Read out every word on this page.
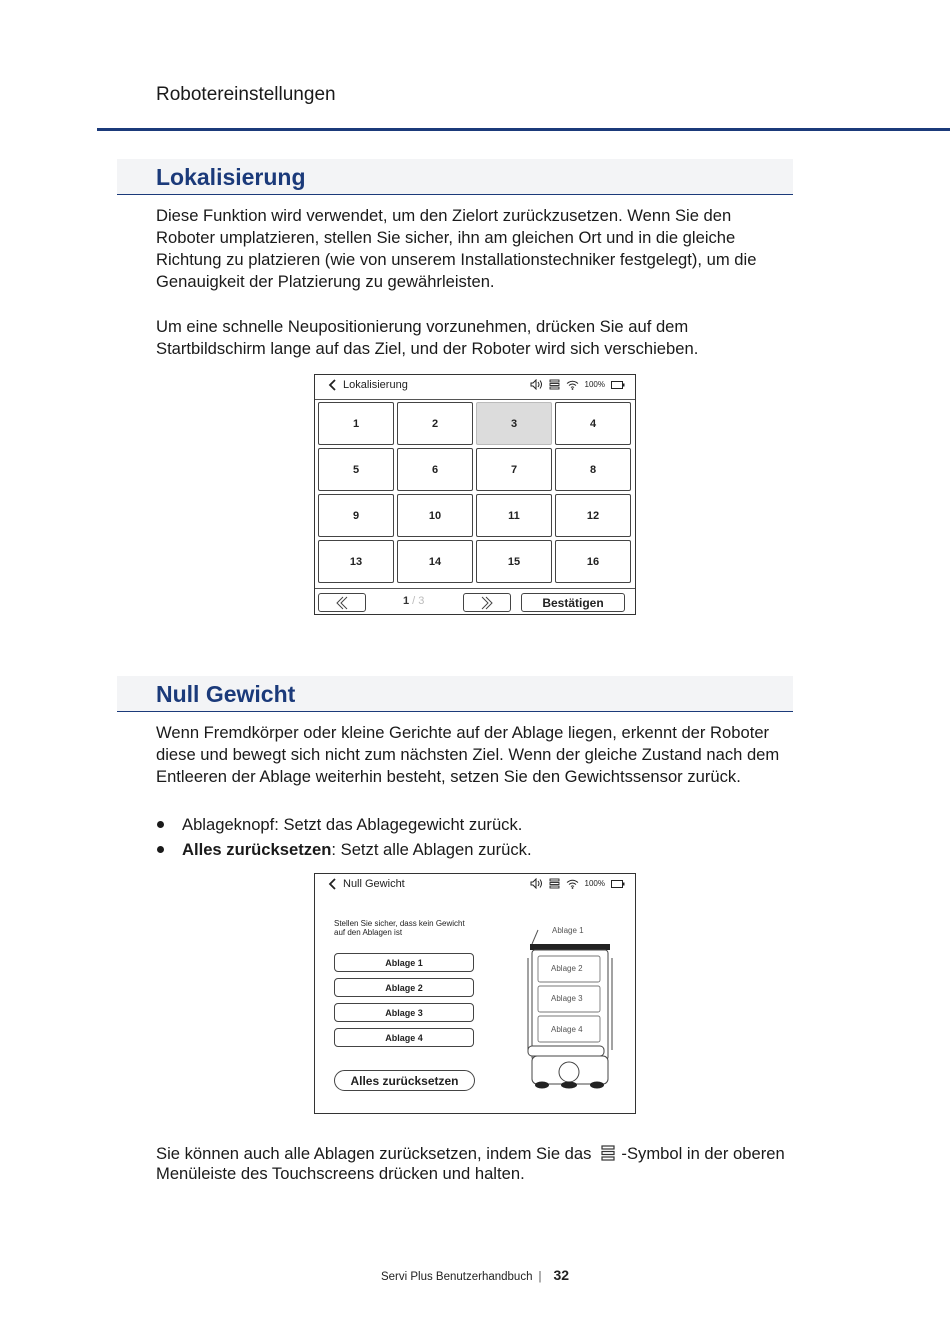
Robotereinstellungen
Lokalisierung
Diese Funktion wird verwendet, um den Zielort zurückzusetzen. Wenn Sie den Roboter umplatzieren, stellen Sie sicher, ihn am gleichen Ort und in die gleiche Richtung zu platzieren (wie von unserem Installationstechniker festgelegt), um die Genauigkeit der Platzierung zu gewährleisten.
Um eine schnelle Neupositionierung vorzunehmen, drücken Sie auf dem Startbildschirm lange auf das Ziel, und der Roboter wird sich verschieben.
Lokalisierung	100%
1	2	3	4
5	6	7	8
9	10	11	12
13	14	15	16
1 / 3	Bestätigen
Null Gewicht
Wenn Fremdkörper oder kleine Gerichte auf der Ablage liegen, erkennt der Roboter diese und bewegt sich nicht zum nächsten Ziel. Wenn der gleiche Zustand nach dem Entleeren der Ablage weiterhin besteht, setzen Sie den Gewichtssensor zurück.
Ablageknopf: Setzt das Ablagegewicht zurück.
Alles zurücksetzen: Setzt alle Ablagen zurück.
Null Gewicht	100%
Stellen Sie sicher, dass kein Gewicht auf den Ablagen ist
Ablage 1
Ablage 2
Ablage 3
Ablage 4
Alles zurücksetzen
Ablage 1
Ablage 2
Ablage 3
Ablage 4
Sie können auch alle Ablagen zurücksetzen, indem Sie das -Symbol in der oberen Menüleiste des Touchscreens drücken und halten.
Servi Plus Benutzerhandbuch | 32
